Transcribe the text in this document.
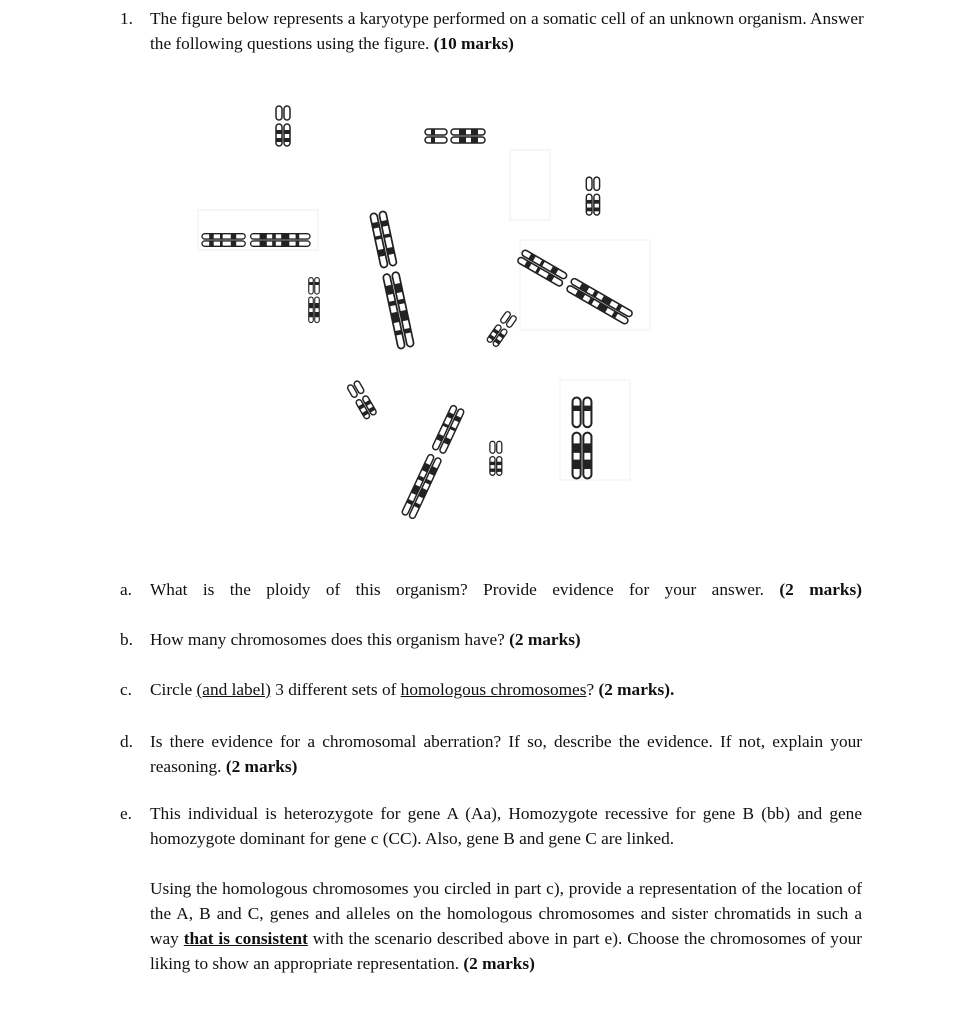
1. The figure below represents a karyotype performed on a somatic cell of an unknown organism. Answer the following questions using the figure. (10 marks)
a. What is the ploidy of this organism? Provide evidence for your answer. (2 marks)
b. How many chromosomes does this organism have? (2 marks)
c. Circle (and label) 3 different sets of homologous chromosomes? (2 marks).
d. Is there evidence for a chromosomal aberration? If so, describe the evidence. If not, explain your reasoning. (2 marks)
e. This individual is heterozygote for gene A (Aa), Homozygote recessive for gene B (bb) and gene homozygote dominant for gene c (CC). Also, gene B and gene C are linked.
Using the homologous chromosomes you circled in part c), provide a representation of the location of the A, B and C, genes and alleles on the homologous chromosomes and sister chromatids in such a way that is consistent with the scenario described above in part e). Choose the chromosomes of your liking to show an appropriate representation. (2 marks)
